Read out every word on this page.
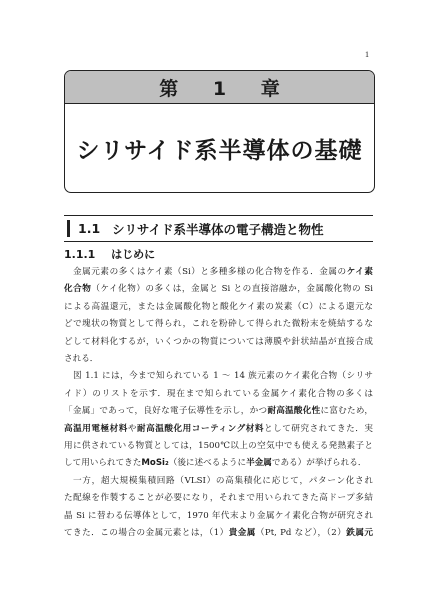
1
第 1 章
シリサイド系半導体の基礎
1.1 シリサイド系半導体の電子構造と物性
1.1.1 はじめに
金属元素の多くはケイ素（Si）と多種多様の化合物を作る．金属のケイ素
化合物（ケイ化物）の多くは，金属と Si との直接溶融か，金属酸化物の Si
による高温還元，または金属酸化物と酸化ケイ素の炭素（C）による還元な
どで塊状の物質として得られ，これを粉砕して得られた微粉末を焼結するな
どして材料化するが，いくつかの物質については薄膜や針状結晶が直接合成
される．
図 1.1 には，今まで知られている 1 ～ 14 族元素のケイ素化合物（シリサ
イド）のリストを示す．現在まで知られている金属ケイ素化合物の多くは
「金属」であって，良好な電子伝導性を示し，かつ耐高温酸化性に富むため，
高温用電極材料や耐高温酸化用コーティング材料として研究されてきた．実
用に供されている物質としては，1500℃以上の空気中でも使える発熱素子と
して用いられてきたMoSi₂（後に述べるように半金属である）が挙げられる．
一方，超大規模集積回路（VLSI）の高集積化に応じて，パターン化され
た配線を作製することが必要になり，それまで用いられてきた高ドープ多結
晶 Si に替わる伝導体として，1970 年代末より金属ケイ素化合物が研究され
てきた．この場合の金属元素とは，（1）貴金属（Pt, Pd など），（2）鉄属元
